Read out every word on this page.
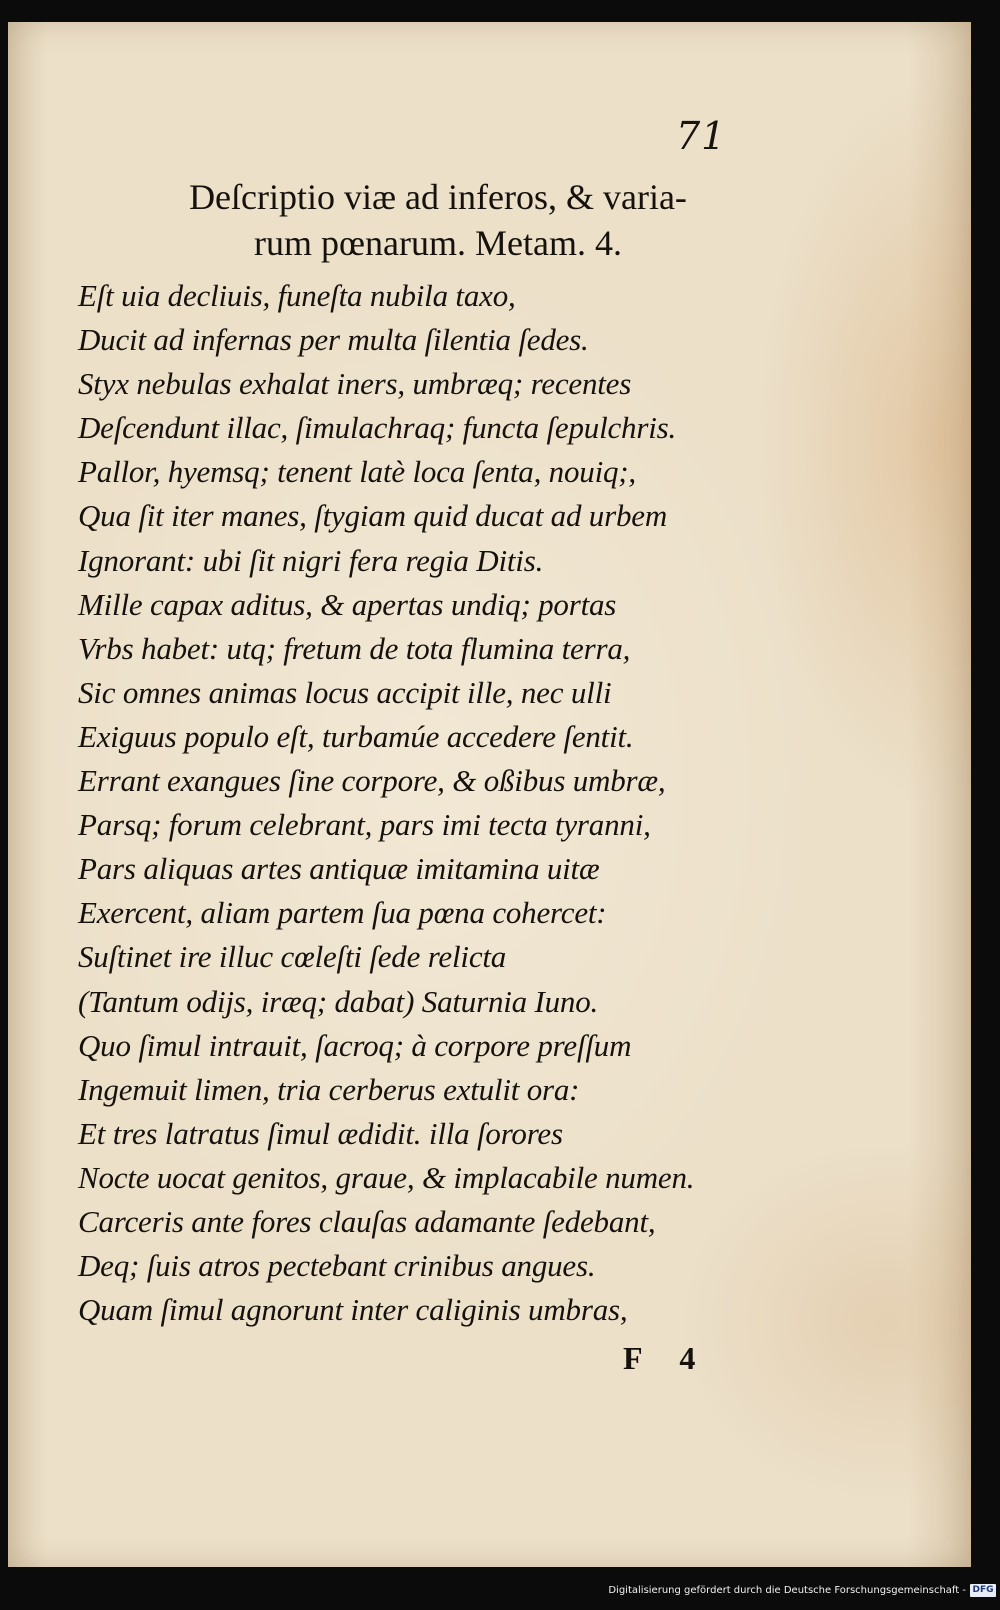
71
Deſcriptio viæ ad inferos, & varia‑
rum pœnarum. Metam. 4.
Eſt uia decliuis, funeſta nubila taxo,
Ducit ad infernas per multa ſilentia ſedes.
Styx nebulas exhalat iners, umbræq; recentes
Deſcendunt illac, ſimulachraq; functa ſepulchris.
Pallor, hyemsq; tenent latè loca ſenta, nouiq;,
Qua ſit iter manes, ſtygiam quid ducat ad urbem
Ignorant: ubi ſit nigri fera regia Ditis.
Mille capax aditus, & apertas undiq; portas
Vrbs habet: utq; fretum de tota flumina terra,
Sic omnes animas locus accipit ille, nec ulli
Exiguus populo eſt, turbamúe accedere ſentit.
Errant exangues ſine corpore, & oßibus umbræ,
Parsq; forum celebrant, pars imi tecta tyranni,
Pars aliquas artes antiquæ imitamina uitæ
Exercent, aliam partem ſua pœna cohercet:
Suſtinet ire illuc cœleſti ſede relicta
(Tantum odijs, iræq; dabat) Saturnia Iuno.
Quo ſimul intrauit, ſacroq; à corpore preſſum
Ingemuit limen, tria cerberus extulit ora:
Et tres latratus ſimul ædidit. illa ſorores
Nocte uocat genitos, graue, & implacabile numen.
Carceris ante fores clauſas adamante ſedebant,
Deq; ſuis atros pectebant crinibus angues.
Quam ſimul agnorunt inter caliginis umbras,
F 4
Digitalisierung gefördert durch die Deutsche Forschungsgemeinschaft - DFG
